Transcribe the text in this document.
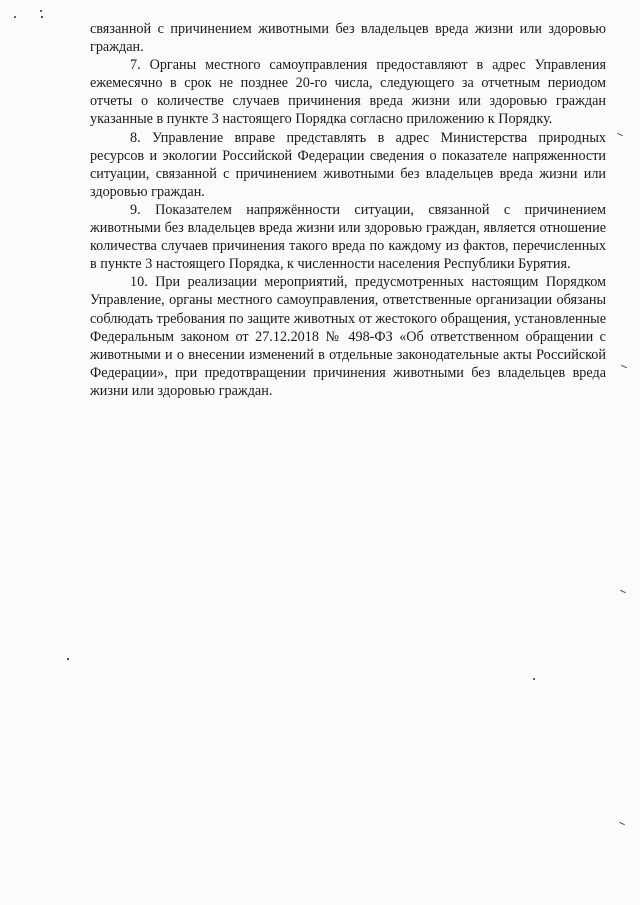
связанной с причинением животными без владельцев вреда жизни или здоровью граждан.

7. Органы местного самоуправления предоставляют в адрес Управления ежемесячно в срок не позднее 20-го числа, следующего за отчетным периодом отчеты о количестве случаев причинения вреда жизни или здоровью граждан указанные в пункте 3 настоящего Порядка согласно приложению к Порядку.

8. Управление вправе представлять в адрес Министерства природных ресурсов и экологии Российской Федерации сведения о показателе напряженности ситуации, связанной с причинением животными без владельцев вреда жизни или здоровью граждан.

9. Показателем напряжённости ситуации, связанной с причинением животными без владельцев вреда жизни или здоровью граждан, является отношение количества случаев причинения такого вреда по каждому из фактов, перечисленных в пункте 3 настоящего Порядка, к численности населения Республики Бурятия.

10. При реализации мероприятий, предусмотренных настоящим Порядком Управление, органы местного самоуправления, ответственные организации обязаны соблюдать требования по защите животных от жестокого обращения, установленные Федеральным законом от 27.12.2018 № 498-ФЗ «Об ответственном обращении с животными и о внесении изменений в отдельные законодательные акты Российской Федерации», при предотвращении причинения животными без владельцев вреда жизни или здоровью граждан.
